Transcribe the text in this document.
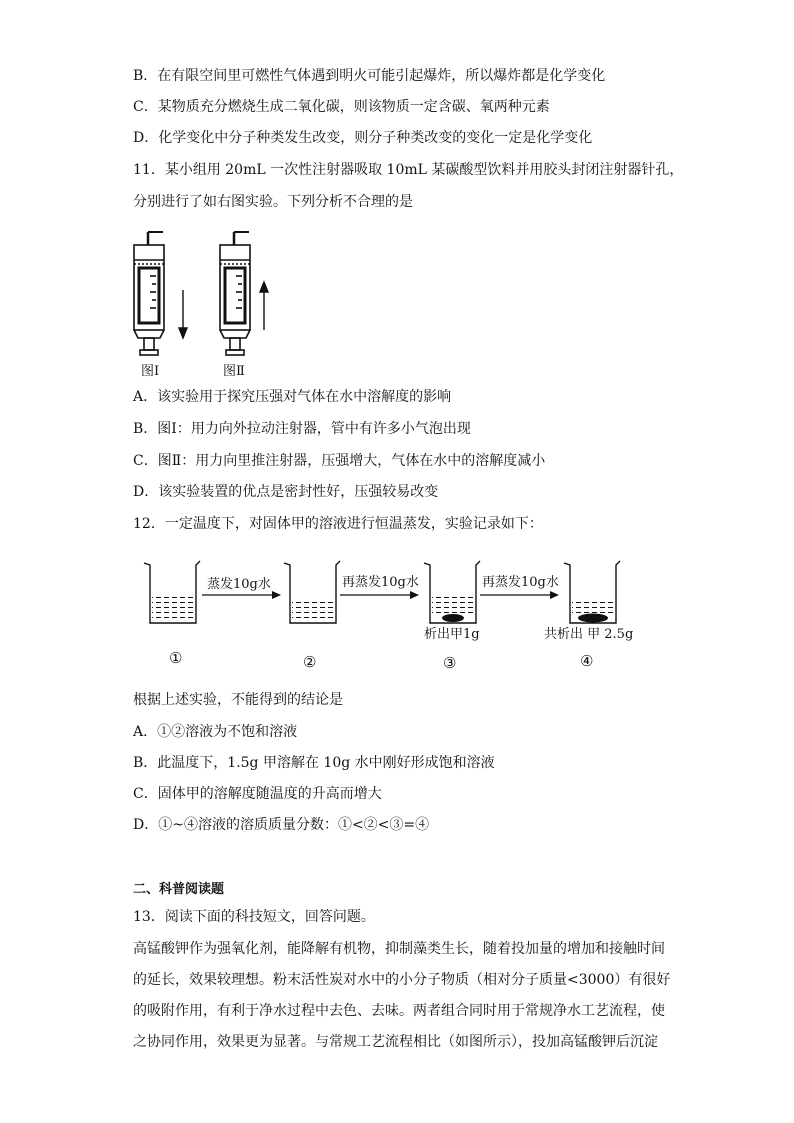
B．在有限空间里可燃性气体遇到明火可能引起爆炸，所以爆炸都是化学变化
C．某物质充分燃烧生成二氧化碳，则该物质一定含碳、氧两种元素
D．化学变化中分子种类发生改变，则分子种类改变的变化一定是化学变化
11．某小组用 20mL 一次性注射器吸取 10mL 某碳酸型饮料并用胶头封闭注射器针孔，
分别进行了如右图实验。下列分析不合理的是
图Ⅰ	图Ⅱ
A．该实验用于探究压强对气体在水中溶解度的影响
B．图Ⅰ：用力向外拉动注射器，管中有许多小气泡出现
C．图Ⅱ：用力向里推注射器，压强增大，气体在水中的溶解度减小
D．该实验装置的优点是密封性好，压强较易改变
12．一定温度下，对固体甲的溶液进行恒温蒸发，实验记录如下：
蒸发10g水	再蒸发10g水	再蒸发10g水
析出甲1g	共析出 甲 2.5g
①	②	③	④
根据上述实验，不能得到的结论是
A．①②溶液为不饱和溶液
B．此温度下，1.5g 甲溶解在 10g 水中刚好形成饱和溶液
C．固体甲的溶解度随温度的升高而增大
D．①~④溶液的溶质质量分数：①<②<③=④
二、科普阅读题
13．阅读下面的科技短文，回答问题。
高锰酸钾作为强氧化剂，能降解有机物，抑制藻类生长，随着投加量的增加和接触时间
的延长，效果较理想。粉末活性炭对水中的小分子物质（相对分子质量<3000）有很好
的吸附作用，有利于净水过程中去色、去味。两者组合同时用于常规净水工艺流程，使
之协同作用，效果更为显著。与常规工艺流程相比（如图所示），投加高锰酸钾后沉淀
